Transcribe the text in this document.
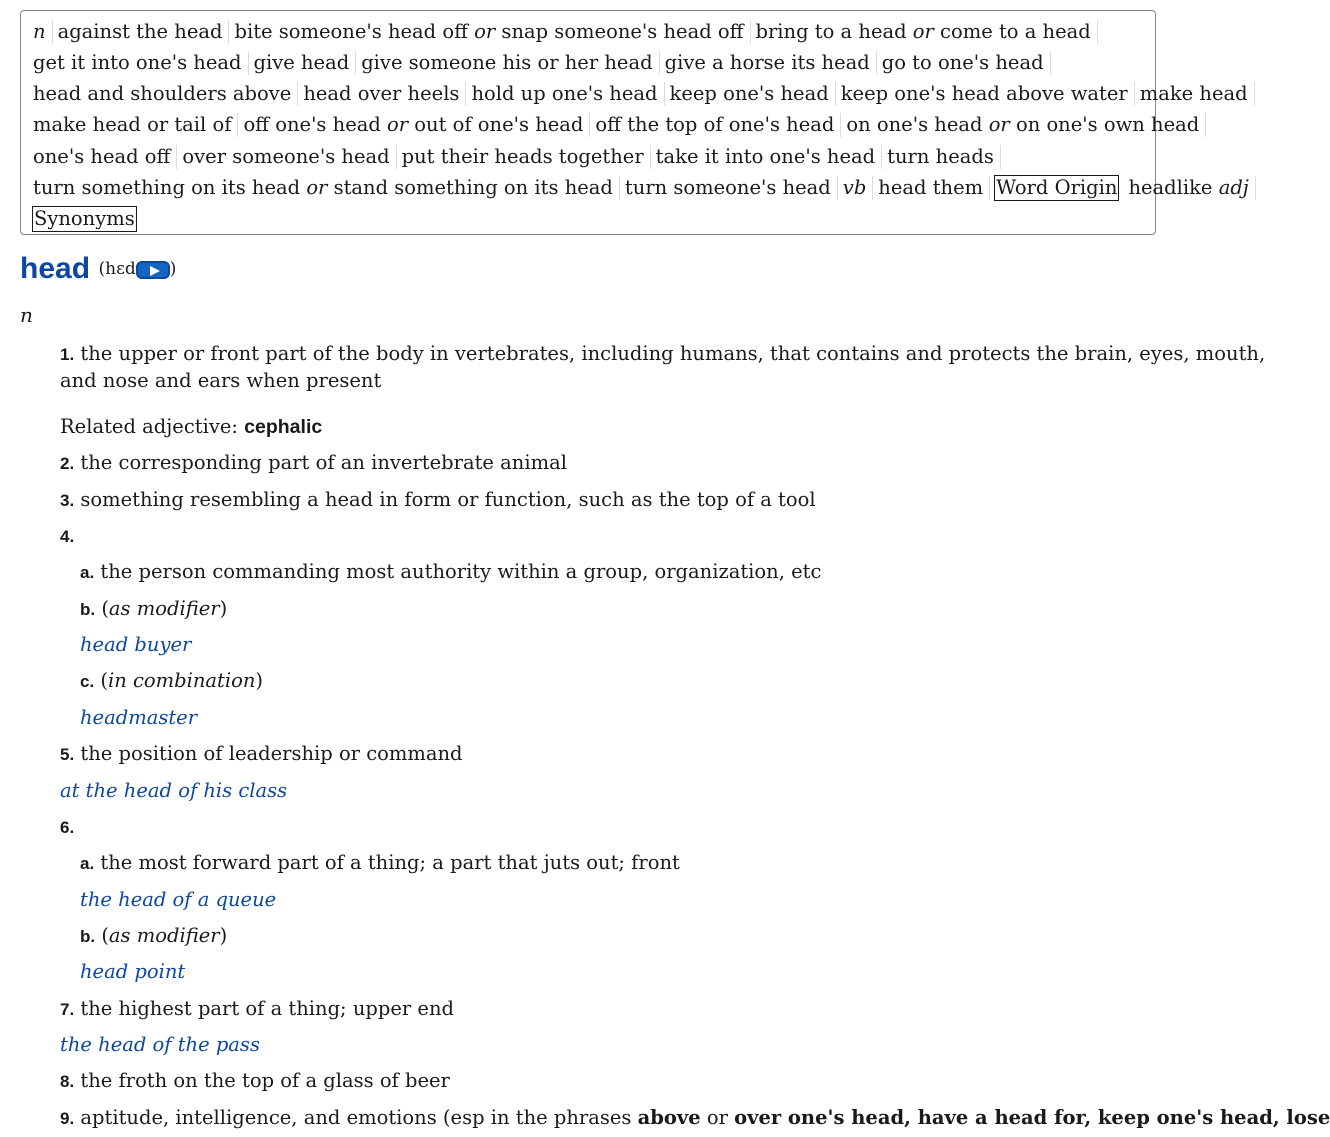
n against the head bite someone's head off or snap someone's head off bring to a head or come to a head
get it into one's head give head give someone his or her head give a horse its head go to one's head
head and shoulders above head over heels hold up one's head keep one's head keep one's head above water make head
make head or tail of off one's head or out of one's head off the top of one's head on one's head or on one's own head
one's head off over someone's head put their heads together take it into one's head turn heads
turn something on its head or stand something on its head turn someone's head vb head them Word Origin headlike adj
Synonyms
head (hɛd )
n
1. the upper or front part of the body in vertebrates, including humans, that contains and protects the brain, eyes, mouth,
and nose and ears when present
Related adjective: cephalic
2. the corresponding part of an invertebrate animal
3. something resembling a head in form or function, such as the top of a tool
4.
a. the person commanding most authority within a group, organization, etc
b. (as modifier)
head buyer
c. (in combination)
headmaster
5. the position of leadership or command
at the head of his class
6.
a. the most forward part of a thing; a part that juts out; front
the head of a queue
b. (as modifier)
head point
7. the highest part of a thing; upper end
the head of the pass
8. the froth on the top of a glass of beer
9. aptitude, intelligence, and emotions (esp in the phrases above or over one's head, have a head for, keep one's head, lose
